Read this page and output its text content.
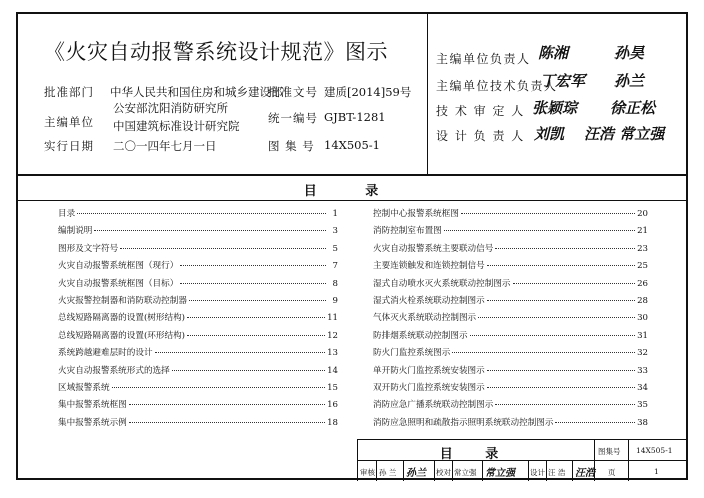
《火灾自动报警系统设计规范》图示
批准部门 中华人民共和国住房和城乡建设部
批准文号 建质[2014]59号
主编单位
公安部沈阳消防研究所
中国建筑标准设计研究院
统一编号 GJBT-1281
实行日期 二〇一四年七月一日	图 集 号 14X505-1
主编单位负责人 陈湘	孙昊
主编单位技术负责人
丁宏军 孙兰
技 术 审 定 人 张颖琮 徐正松
设 计 负 责 人 刘凯 汪浩 常立强
目 录
目录	1
编制说明	3
图形及文字符号	5
火灾自动报警系统框图（现行）	7
火灾自动报警系统框图（目标）	8
火灾报警控制器和消防联动控制器	9
总线短路隔离器的设置(树形结构)	11
总线短路隔离器的设置(环形结构)	12
系统跨越避难层时的设计	13
火灾自动报警系统形式的选择	14
区域报警系统	15
集中报警系统框图	16
集中报警系统示例	18
控制中心报警系统框图	20
消防控制室布置图	21
火灾自动报警系统主要联动信号	23
主要连锁触发和连锁控制信号	25
湿式自动喷水灭火系统联动控制图示	26
湿式消火栓系统联动控制图示	28
气体灭火系统联动控制图示	30
防排烟系统联动控制图示	31
防火门监控系统图示	32
单开防火门监控系统安装图示	33
双开防火门监控系统安装图示	34
消防应急广播系统联动控制图示	35
消防应急照明和疏散指示照明系统联动控制图示	38
目 录	图集号 14X505-1
审核 孙 兰 孙兰 校对 常立强 常立强 设计 汪 浩 汪浩 页	1
